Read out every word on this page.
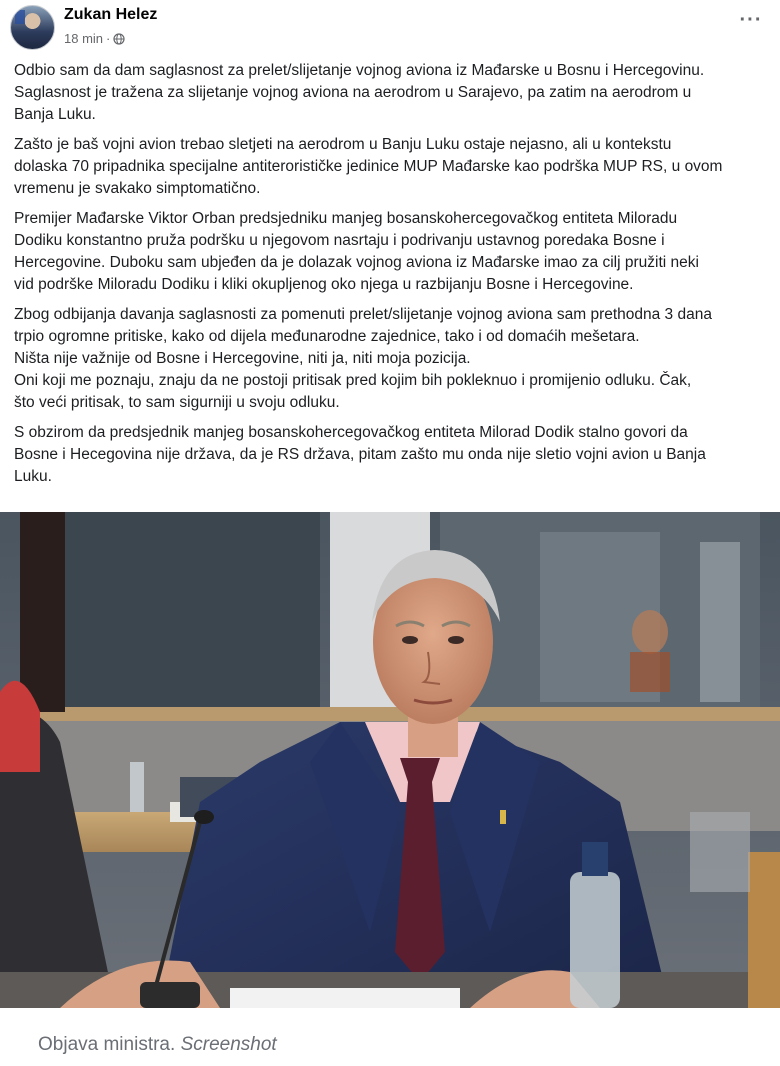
Zukan Helez
18 min ·
···

Odbio sam da dam saglasnost za prelet/slijetanje vojnog aviona iz Mađarske u Bosnu i Hercegovinu.
Saglasnost je tražena za slijetanje vojnog aviona na aerodrom u Sarajevo, pa zatim na aerodrom u
Banja Luku.

Zašto je baš vojni avion trebao sletjeti na aerodrom u Banju Luku ostaje nejasno, ali u kontekstu
dolaska 70 pripadnika specijalne antiterorističke jedinice MUP Mađarske kao podrška MUP RS, u ovom
vremenu je svakako simptomatično.

Premijer Mađarske Viktor Orban predsjedniku manjeg bosanskohercegovačkog entiteta Miloradu
Dodiku konstantno pruža podršku u njegovom nasrtaju i podrivanju ustavnog poredaka Bosne i
Hercegovine. Duboku sam ubjeđen da je dolazak vojnog aviona iz Mađarske imao za cilj pružiti neki
vid podrške Miloradu Dodiku i kliki okupljenog oko njega u razbijanju Bosne i Hercegovine.

Zbog odbijanja davanja saglasnosti za pomenuti prelet/slijetanje vojnog aviona sam prethodna 3 dana
trpio ogromne pritiske, kako od dijela međunarodne zajednice, tako i od domaćih mešetara.
Ništa nije važnije od Bosne i Hercegovine, niti ja, niti moja pozicija.
Oni koji me poznaju, znaju da ne postoji pritisak pred kojim bih pokleknuo i promijenio odluku. Čak,
što veći pritisak, to sam sigurniji u svoju odluku.

S obzirom da predsjednik manjeg bosanskohercegovačkog entiteta Milorad Dodik stalno govori da
Bosne i Hecegovina nije država, da je RS država, pitam zašto mu onda nije sletio vojni avion u Banja
Luku.

Objava ministra. Screenshot
